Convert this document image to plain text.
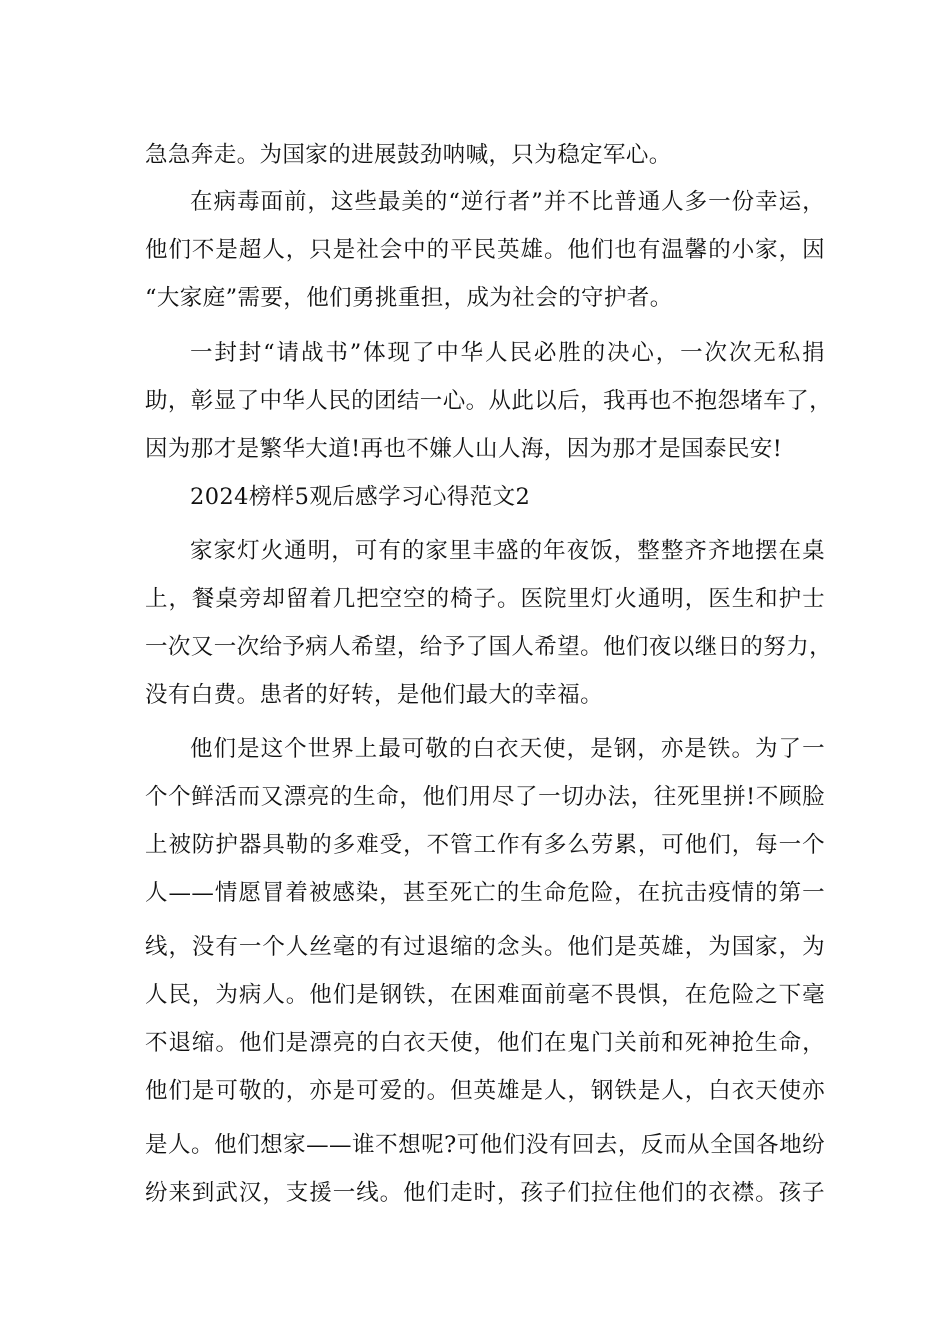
急急奔走。为国家的进展鼓劲呐喊，只为稳定军心。
在病毒面前，这些最美的“逆行者”并不比普通人多一份幸运，
他们不是超人，只是社会中的平民英雄。他们也有温馨的小家，因
“大家庭”需要，他们勇挑重担，成为社会的守护者。
一封封“请战书”体现了中华人民必胜的决心，一次次无私捐
助，彰显了中华人民的团结一心。从此以后，我再也不抱怨堵车了，
因为那才是繁华大道!再也不嫌人山人海，因为那才是国泰民安!
2024榜样5观后感学习心得范文2
家家灯火通明，可有的家里丰盛的年夜饭，整整齐齐地摆在桌
上，餐桌旁却留着几把空空的椅子。医院里灯火通明，医生和护士
一次又一次给予病人希望，给予了国人希望。他们夜以继日的努力，
没有白费。患者的好转，是他们最大的幸福。
他们是这个世界上最可敬的白衣天使，是钢，亦是铁。为了一
个个鲜活而又漂亮的生命，他们用尽了一切办法，往死里拼!不顾脸
上被防护器具勒的多难受，不管工作有多么劳累，可他们，每一个
人——情愿冒着被感染，甚至死亡的生命危险，在抗击疫情的第一
线，没有一个人丝毫的有过退缩的念头。他们是英雄，为国家，为
人民，为病人。他们是钢铁，在困难面前毫不畏惧，在危险之下毫
不退缩。他们是漂亮的白衣天使，他们在鬼门关前和死神抢生命，
他们是可敬的，亦是可爱的。但英雄是人，钢铁是人，白衣天使亦
是人。他们想家——谁不想呢?可他们没有回去，反而从全国各地纷
纷来到武汉，支援一线。他们走时，孩子们拉住他们的衣襟。孩子
